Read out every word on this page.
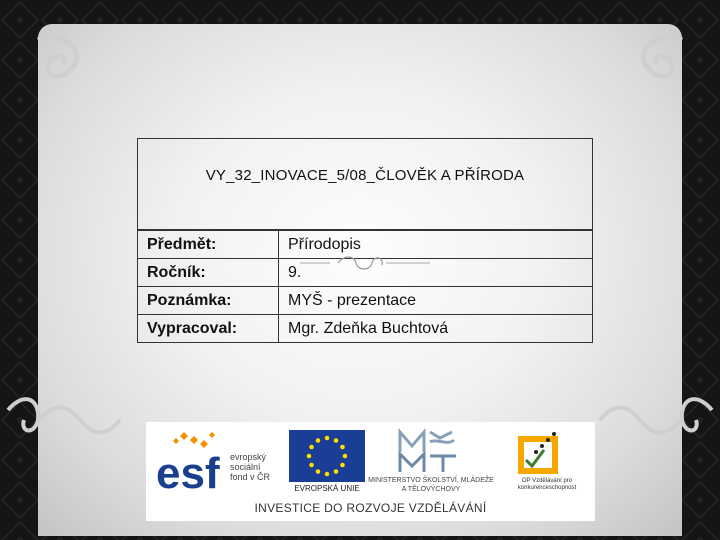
VY_32_INOVACE_5/08_ČLOVĚK A PŘÍRODA
Předmět:	Přírodopis
Ročník:	9.
Poznámka:	MYŠ - prezentace
Vypracoval:	Mgr. Zdeňka Buchtová
esf evropský sociální fond v ČR
EVROPSKÁ UNIE
MINISTERSTVO ŠKOLSTVÍ, MLÁDEŽE A TĚLOVÝCHOVY
OP Vzdělávání pro konkurenceschopnost
INVESTICE DO ROZVOJE VZDĚLÁVÁNÍ
